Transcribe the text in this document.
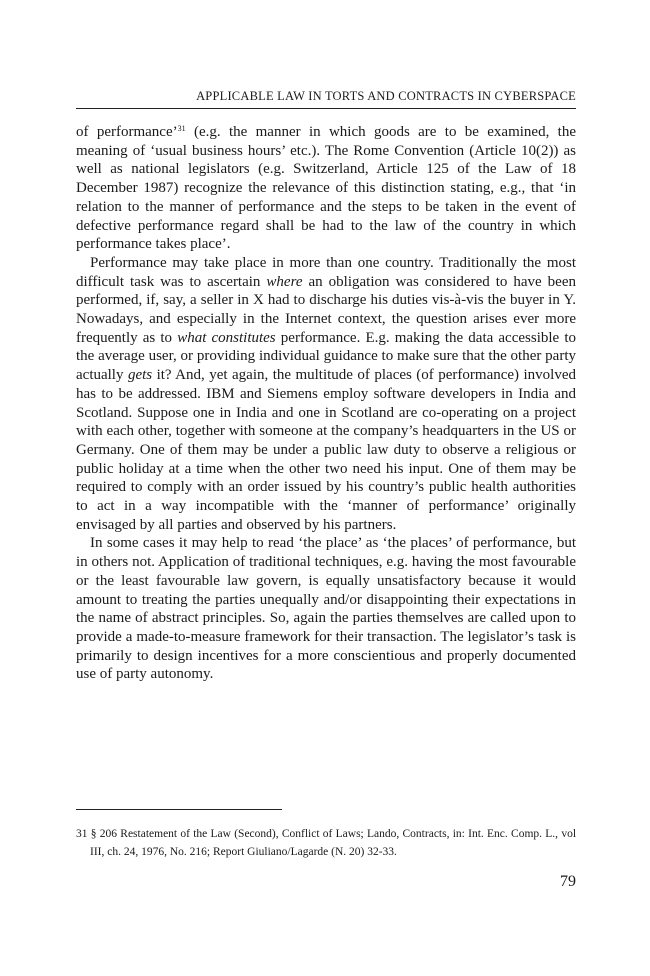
APPLICABLE LAW IN TORTS AND CONTRACTS IN CYBERSPACE

of performance’$^{31}$ (e.g. the manner in which goods are to be examined, the meaning of ‘usual business hours’ etc.). The Rome Convention (Article 10(2)) as well as national legislators (e.g. Switzerland, Article 125 of the Law of 18 December 1987) recognize the relevance of this distinction stating, e.g., that ‘in relation to the manner of performance and the steps to be taken in the event of defective performance regard shall be had to the law of the country in which performance takes place’.

Performance may take place in more than one country. Traditionally the most difficult task was to ascertain where an obligation was considered to have been performed, if, say, a seller in X had to discharge his duties vis-à-vis the buyer in Y. Nowadays, and especially in the Internet context, the question arises ever more frequently as to what constitutes performance. E.g. making the data accessible to the average user, or providing individual guidance to make sure that the other party actually gets it? And, yet again, the multitude of places (of performance) involved has to be addressed. IBM and Siemens employ software developers in India and Scotland. Suppose one in India and one in Scotland are co-operating on a project with each other, together with someone at the company’s headquarters in the US or Germany. One of them may be under a public law duty to observe a religious or public holiday at a time when the other two need his input. One of them may be required to comply with an order issued by his country’s public health authorities to act in a way incompatible with the ‘manner of performance’ originally envisaged by all parties and observed by his partners.

In some cases it may help to read ‘the place’ as ‘the places’ of performance, but in others not. Application of traditional techniques, e.g. having the most favourable or the least favourable law govern, is equally unsatisfactory because it would amount to treating the parties unequally and/or disappointing their expectations in the name of abstract principles. So, again the parties themselves are called upon to provide a made-to-measure framework for their transaction. The legislator’s task is primarily to design incentives for a more conscientious and properly documented use of party autonomy.

31 § 206 Restatement of the Law (Second), Conflict of Laws; Lando, Contracts, in: Int. Enc. Comp. L., vol III, ch. 24, 1976, No. 216; Report Giuliano/Lagarde (N. 20) 32-33.
79
